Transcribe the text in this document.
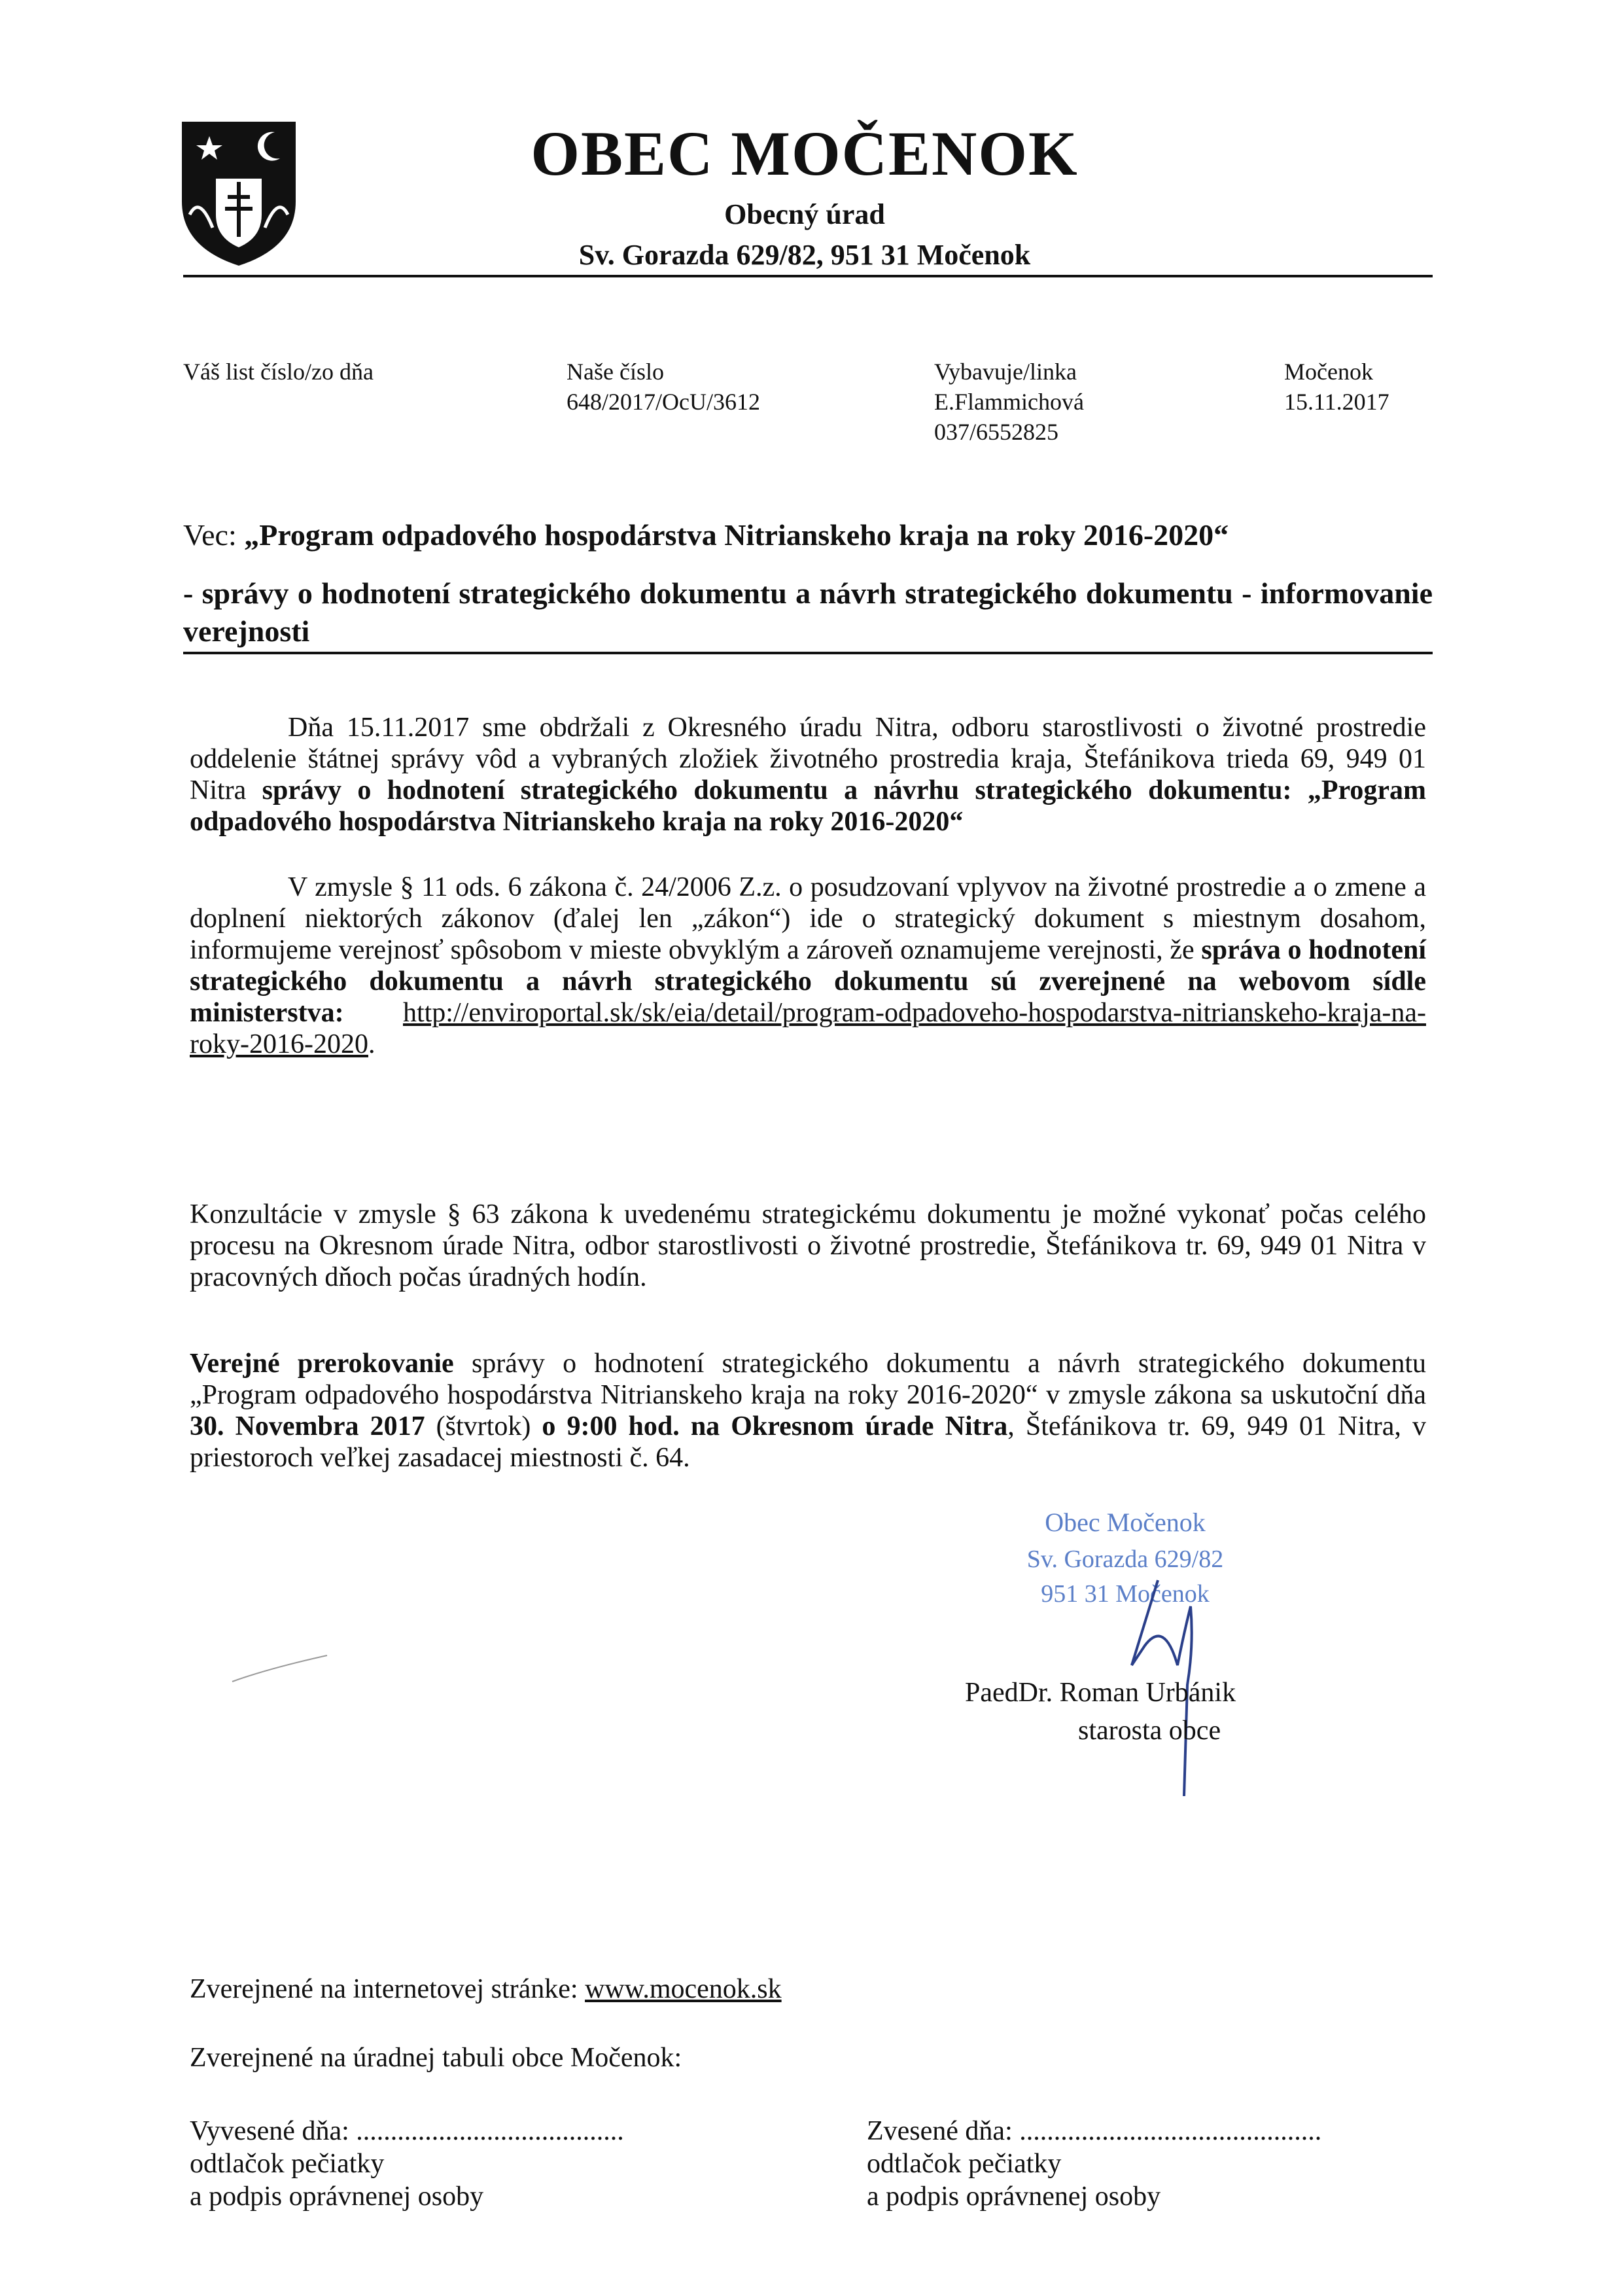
OBEC MOČENOK
Obecný úrad
Sv. Gorazda 629/82, 951 31 Močenok
Váš list číslo/zo dňa	Naše číslo
648/2017/OcU/3612
Vybavuje/linka
E.Flammichová
037/6552825
Močenok
15.11.2017
Vec: „Program odpadového hospodárstva Nitrianskeho kraja na roky 2016-2020“
- správy o hodnotení strategického dokumentu a návrh strategického dokumentu - informovanie verejnosti
Dňa 15.11.2017 sme obdržali z Okresného úradu Nitra, odboru starostlivosti o životné prostredie oddelenie štátnej správy vôd a vybraných zložiek životného prostredia kraja, Štefánikova trieda 69, 949 01 Nitra správy o hodnotení strategického dokumentu a návrhu strategického dokumentu: „Program odpadového hospodárstva Nitrianskeho kraja na roky 2016-2020“
V zmysle § 11 ods. 6 zákona č. 24/2006 Z.z. o posudzovaní vplyvov na životné prostredie a o zmene a doplnení niektorých zákonov (ďalej len „zákon“) ide o strategický dokument s miestnym dosahom, informujeme verejnosť spôsobom v mieste obvyklým a zároveň oznamujeme verejnosti, že správa o hodnotení strategického dokumentu a návrh strategického dokumentu sú zverejnené na webovom sídle ministerstva: http://enviroportal.sk/sk/eia/detail/program-odpadoveho-hospodarstva-nitrianskeho-kraja-na-roky-2016-2020.
Konzultácie v zmysle § 63 zákona k uvedenému strategickému dokumentu je možné vykonať počas celého procesu na Okresnom úrade Nitra, odbor starostlivosti o životné prostredie, Štefánikova tr. 69, 949 01 Nitra v pracovných dňoch počas úradných hodín.
Verejné prerokovanie správy o hodnotení strategického dokumentu a návrh strategického dokumentu „Program odpadového hospodárstva Nitrianskeho kraja na roky 2016-2020“ v zmysle zákona sa uskutoční dňa 30. Novembra 2017 (štvrtok) o 9:00 hod. na Okresnom úrade Nitra, Štefánikova tr. 69, 949 01 Nitra, v priestoroch veľkej zasadacej miestnosti č. 64.
Obec Močenok
Sv. Gorazda 629/82
951 31 Močenok
PaedDr. Roman Urbánik
starosta obce
Zverejnené na internetovej stránke: www.mocenok.sk
Zverejnené na úradnej tabuli obce Močenok:
Vyvesené dňa: .......................................
odtlačok pečiatky
a podpis oprávnenej osoby
Zvesené dňa: ............................................
odtlačok pečiatky
a podpis oprávnenej osoby
